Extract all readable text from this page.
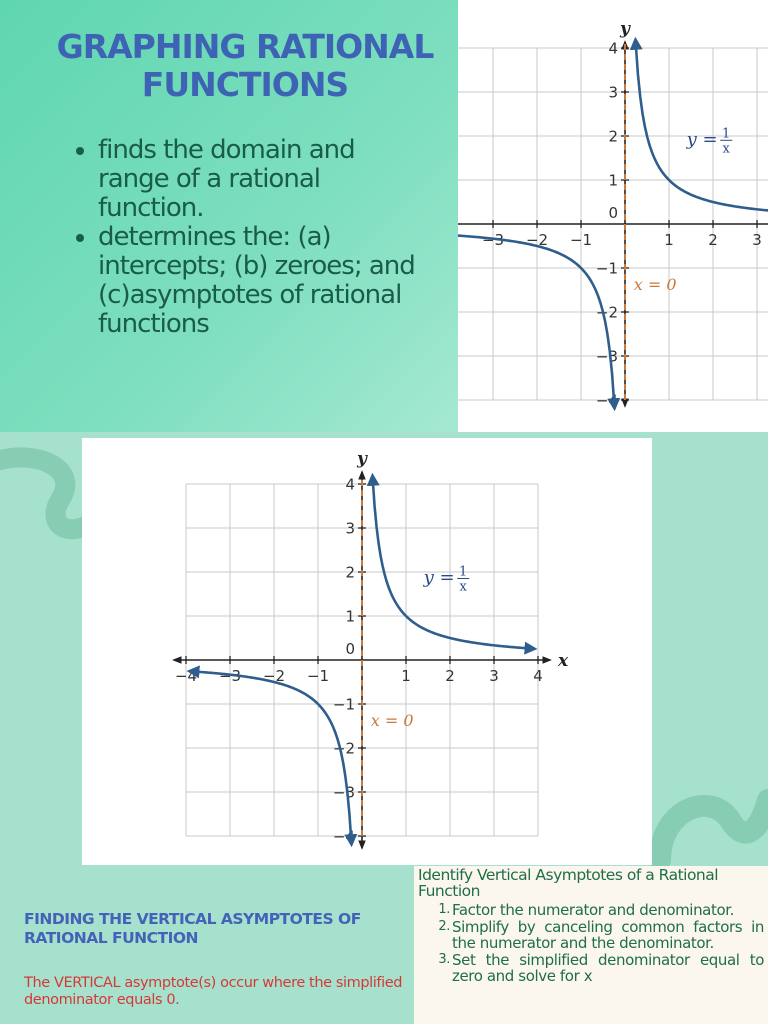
GRAPHING RATIONAL FUNCTIONS
• finds the domain and range of a rational function.
• determines the: (a) intercepts; (b) zeroes; and (c)asymptotes of rational functions
−3 −2 −1	1 2 3
4
3
2
1
−1
−2
−3
−4
0
y
y = 1
x
x = 0
−4 −3 −2 −1	1 2 3 4
4
3
2
1
−1
−2
−3
−4
0
y
x
y = 1
x
x = 0
FINDING THE VERTICAL ASYMPTOTES OF RATIONAL FUNCTION
The VERTICAL asymptote(s) occur where the simplified denominator equals 0.
Identify Vertical Asymptotes of a Rational Function
1. Factor the numerator and denominator.
2. Simplify by canceling common factors in the numerator and the denominator.
3. Set the simplified denominator equal to zero and solve for x
